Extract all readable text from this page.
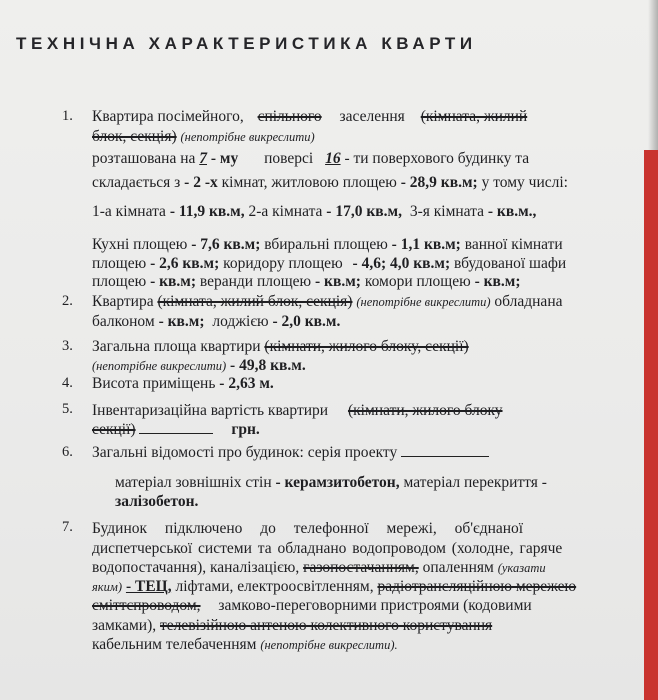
ТЕХНІЧНА ХАРАКТЕРИСТИКА КВАРТИ
1. Квартира посімейного, спільного заселення (кімната, жилий
блок, секція) (непотрібне викреслити)
розташована на 7 - му поверсі 16 - ти поверхового будинку та
складається з - 2 -х кімнат, житловою площею - 28,9 кв.м; у тому числі:
1-а кімната - 11,9 кв.м, 2-а кімната - 17,0 кв.м, 3-я кімната - кв.м.,
Кухні площею - 7,6 кв.м; вбиральні площею - 1,1 кв.м; ванної кімнати
площею - 2,6 кв.м; коридору площею - 4,6; 4,0 кв.м; вбудованої шафи
площею - кв.м; веранди площею - кв.м; комори площею - кв.м;
2. Квартира (кімната, жилий блок, секція) (непотрібне викреслити) обладнана
балконом - кв.м; лоджією - 2,0 кв.м.
3. Загальна площа квартири (кімнати, жилого блоку, секції)
(непотрібне викреслити) - 49,8 кв.м.
4. Висота приміщень - 2,63 м.
5. Інвентаризаційна вартість квартири (кімнати, жилого блоку
секції)	грн.
6. Загальні відомості про будинок: серія проекту
матеріал зовнішніх стін - керамзитобетон, матеріал перекриття -
залізобетон.
7. Будинок підключено до телефонної мережі, об'єднаної
диспетчерської системи та обладнано водопроводом (холодне, гаряче
водопостачання), каналізацією, газопостачанням, опаленням (указати
яким) - ТЕЦ, ліфтами, електроосвітленням, радіотрансляційною мережею
сміттєпроводом, замково-переговорними пристроями (кодовими
замками), телевізійною антеною колективного користування
кабельним телебаченням (непотрібне викреслити).
